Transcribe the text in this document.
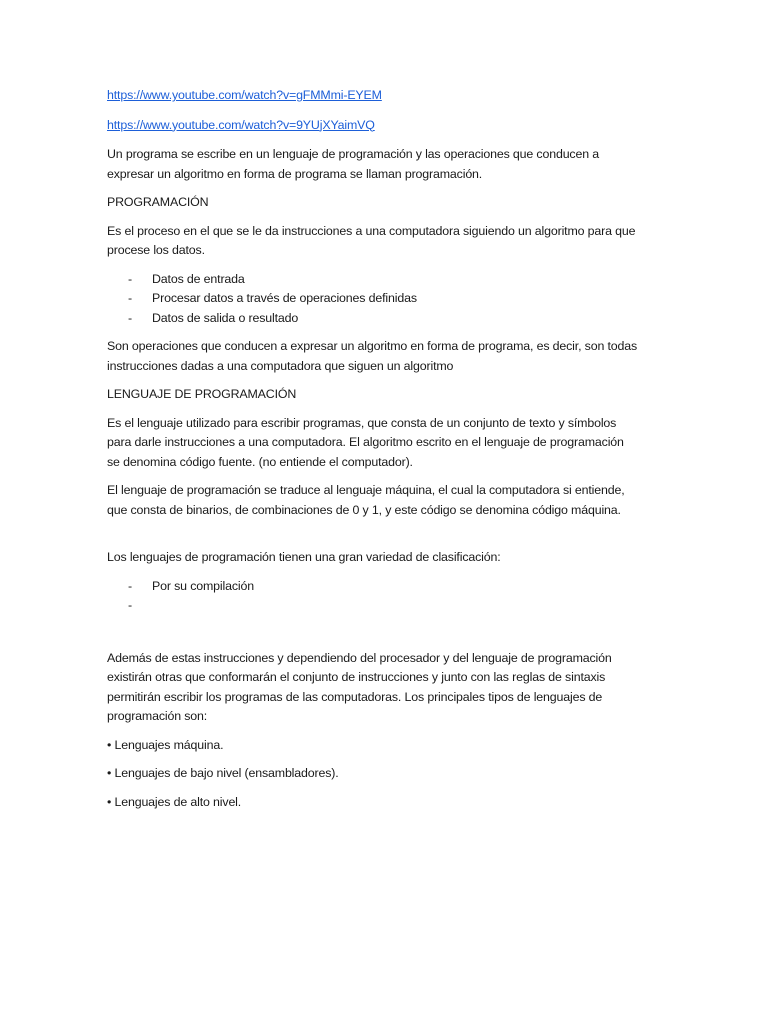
https://www.youtube.com/watch?v=gFMMmi-EYEM
https://www.youtube.com/watch?v=9YUjXYaimVQ

Un programa se escribe en un lenguaje de programación y las operaciones que conducen a
expresar un algoritmo en forma de programa se llaman programación.

PROGRAMACIÓN

Es el proceso en el que se le da instrucciones a una computadora siguiendo un algoritmo para que
procese los datos.

- Datos de entrada
- Procesar datos a través de operaciones definidas
- Datos de salida o resultado

Son operaciones que conducen a expresar un algoritmo en forma de programa, es decir, son todas
instrucciones dadas a una computadora que siguen un algoritmo

LENGUAJE DE PROGRAMACIÓN

Es el lenguaje utilizado para escribir programas, que consta de un conjunto de texto y símbolos
para darle instrucciones a una computadora. El algoritmo escrito en el lenguaje de programación
se denomina código fuente. (no entiende el computador).

El lenguaje de programación se traduce al lenguaje máquina, el cual la computadora si entiende,
que consta de binarios, de combinaciones de 0 y 1, y este código se denomina código máquina.

Los lenguajes de programación tienen una gran variedad de clasificación:
- Por su compilación
-

Además de estas instrucciones y dependiendo del procesador y del lenguaje de programación
existirán otras que conformarán el conjunto de instrucciones y junto con las reglas de sintaxis
permitirán escribir los programas de las computadoras. Los principales tipos de lenguajes de
programación son:

• Lenguajes máquina.
• Lenguajes de bajo nivel (ensambladores).
• Lenguajes de alto nivel.
